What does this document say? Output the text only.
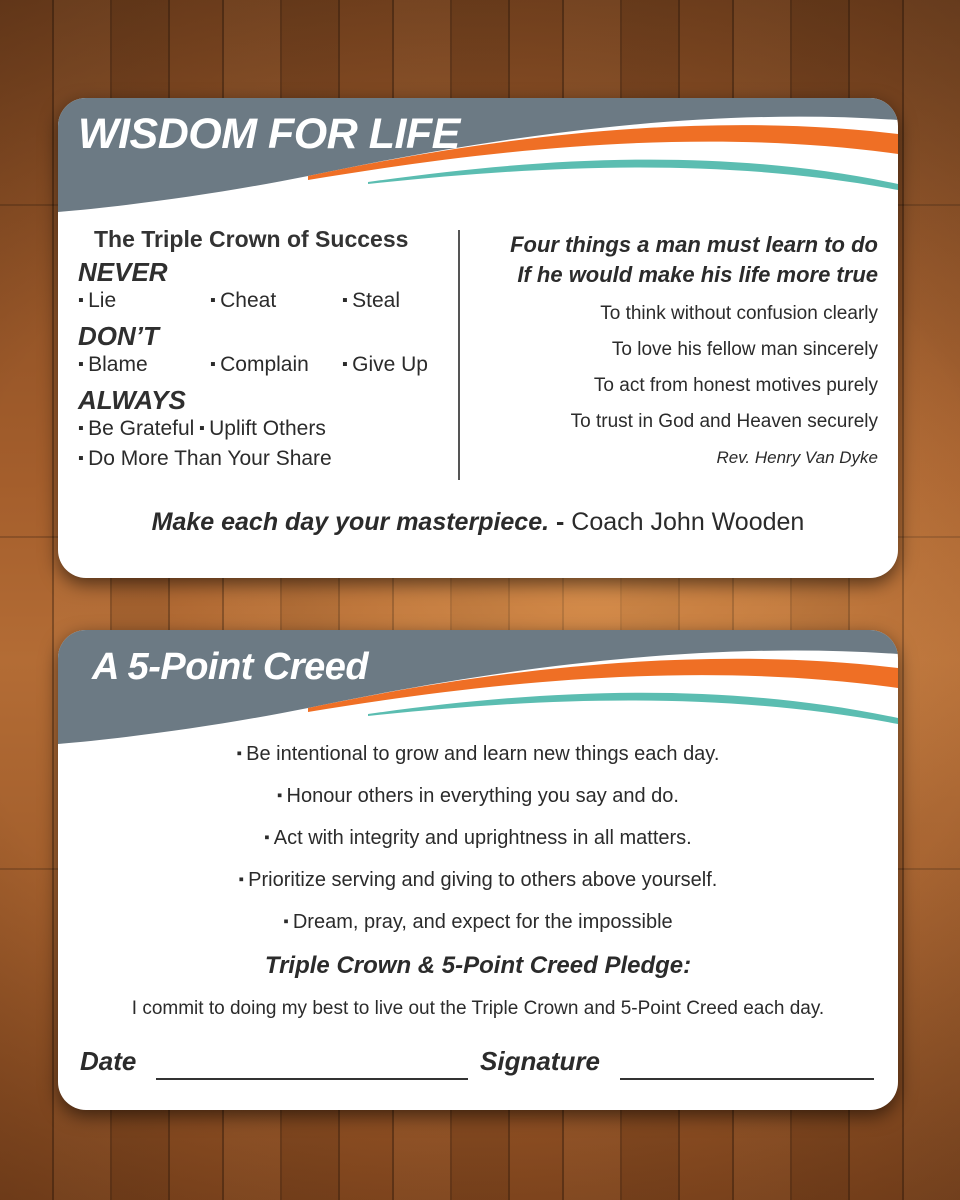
WISDOM FOR LIFE
The Triple Crown of Success
NEVER
▪ Lie	▪ Cheat	▪ Steal
DON’T
▪ Blame	▪ Complain	▪ Give Up
ALWAYS
▪ Be Grateful ▪ Uplift Others
▪ Do More Than Your Share
Four things a man must learn to do
If he would make his life more true
To think without confusion clearly
To love his fellow man sincerely
To act from honest motives purely
To trust in God and Heaven securely
Rev. Henry Van Dyke
Make each day your masterpiece. - Coach John Wooden
A 5-Point Creed
▪ Be intentional to grow and learn new things each day.
▪ Honour others in everything you say and do.
▪ Act with integrity and uprightness in all matters.
▪ Prioritize serving and giving to others above yourself.
▪ Dream, pray, and expect for the impossible
Triple Crown & 5-Point Creed Pledge:
I commit to doing my best to live out the Triple Crown and 5-Point Creed each day.
Date	Signature
